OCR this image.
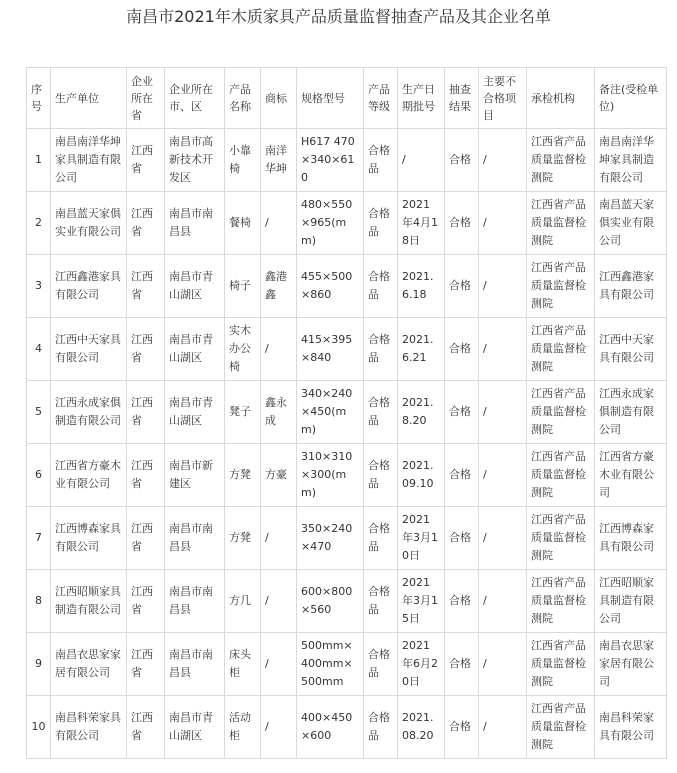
南昌市2021年木质家具产品质量监督抽查产品及其企业名单
序号	生产单位	企业所在省	企业所在市、区	产品名称	商标	规格型号	产品等级	生产日期批号	抽查结果	主要不合格项目	承检机构	备注(受检单位)
1	南昌南洋华坤家具制造有限公司	江西省	南昌市高新技术开发区	小靠椅	南洋华坤	H617 470×340×610	合格品	/	合格	/	江西省产品质量监督检测院	南昌南洋华坤家具制造有限公司
2	南昌蓝天家俱实业有限公司	江西省	南昌市南昌县	餐椅	/	480×550×965(mm)	合格品	2021年4月18日	合格	/	江西省产品质量监督检测院	南昌蓝天家俱实业有限公司
3	江西鑫港家具有限公司	江西省	南昌市青山湖区	椅子	鑫港鑫	455×500×860	合格品	2021.6.18	合格	/	江西省产品质量监督检测院	江西鑫港家具有限公司
4	江西中天家具有限公司	江西省	南昌市青山湖区	实木办公椅	/	415×395×840	合格品	2021.6.21	合格	/	江西省产品质量监督检测院	江西中天家具有限公司
5	江西永成家俱制造有限公司	江西省	南昌市青山湖区	凳子	鑫永成	340×240×450(mm)	合格品	2021.8.20	合格	/	江西省产品质量监督检测院	江西永成家俱制造有限公司
6	江西省方豪木业有限公司	江西省	南昌市新建区	方凳	方豪	310×310×300(mm)	合格品	2021.09.10	合格	/	江西省产品质量监督检测院	江西省方豪木业有限公司
7	江西博森家具有限公司	江西省	南昌市南昌县	方凳	/	350×240×470	合格品	2021年3月10日	合格	/	江西省产品质量监督检测院	江西博森家具有限公司
8	江西昭顺家具制造有限公司	江西省	南昌市南昌县	方几	/	600×800×560	合格品	2021年3月15日	合格	/	江西省产品质量监督检测院	江西昭顺家具制造有限公司
9	南昌衣思家家居有限公司	江西省	南昌市南昌县	床头柜	/	500mm×400mm×500mm	合格品	2021年6月20日	合格	/	江西省产品质量监督检测院	南昌衣思家家居有限公司
10	南昌科荣家具有限公司	江西省	南昌市青山湖区	活动柜	/	400×450×600	合格品	2021.08.20	合格	/	江西省产品质量监督检测院	南昌科荣家具有限公司
